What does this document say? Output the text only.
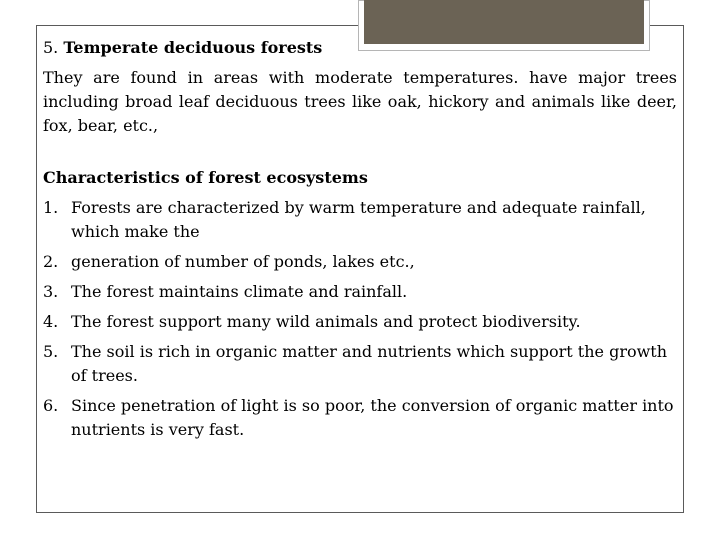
5. Temperate deciduous forests

They are found in areas with moderate temperatures. have major trees including broad leaf deciduous trees like oak, hickory and animals like deer, fox, bear, etc.,

Characteristics of forest ecosystems

1. Forests are characterized by warm temperature and adequate rainfall, which make the
2. generation of number of ponds, lakes etc.,
3. The forest maintains climate and rainfall.
4. The forest support many wild animals and protect biodiversity.
5. The soil is rich in organic matter and nutrients which support the growth of trees.
6. Since penetration of light is so poor, the conversion of organic matter into nutrients is very fast.
